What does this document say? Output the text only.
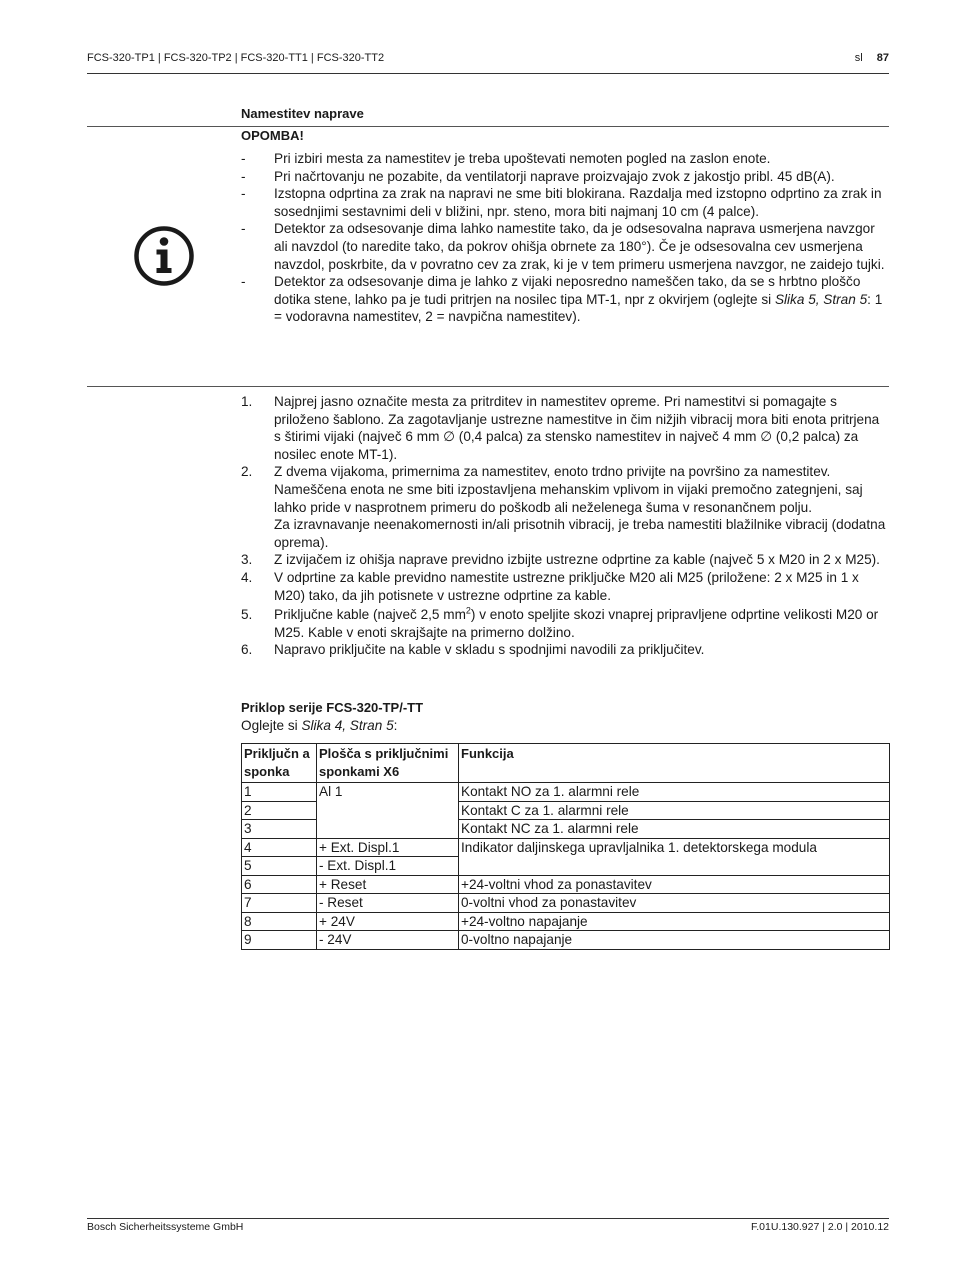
FCS-320-TP1 | FCS-320-TP2 | FCS-320-TT1 | FCS-320-TT2	sl 87
Namestitev naprave
OPOMBA!
- Pri izbiri mesta za namestitev je treba upoštevati nemoten pogled na zaslon enote.
- Pri načrtovanju ne pozabite, da ventilatorji naprave proizvajajo zvok z jakostjo pribl. 45 dB(A).
- Izstopna odprtina za zrak na napravi ne sme biti blokirana. Razdalja med izstopno odprtino za zrak in sosednjimi sestavnimi deli v bližini, npr. steno, mora biti najmanj 10 cm (4 palce).
- Detektor za odsesovanje dima lahko namestite tako, da je odsesovalna naprava usmerjena navzgor ali navzdol (to naredite tako, da pokrov ohišja obrnete za 180°). Če je odsesovalna cev usmerjena navzdol, poskrbite, da v povratno cev za zrak, ki je v tem primeru usmerjena navzgor, ne zaidejo tujki.
- Detektor za odsesovanje dima je lahko z vijaki neposredno nameščen tako, da se s hrbtno ploščo dotika stene, lahko pa je tudi pritrjen na nosilec tipa MT-1, npr z okvirjem (oglejte si Slika 5, Stran 5: 1 = vodoravna namestitev, 2 = navpična namestitev).
1. Najprej jasno označite mesta za pritrditev in namestitev opreme. Pri namestitvi si pomagajte s priloženo šablono. Za zagotavljanje ustrezne namestitve in čim nižjih vibracij mora biti enota pritrjena s štirimi vijaki (največ 6 mm ∅ (0,4 palca) za stensko namestitev in največ 4 mm ∅ (0,2 palca) za nosilec enote MT-1).
2. Z dvema vijakoma, primernima za namestitev, enoto trdno privijte na površino za namestitev. Nameščena enota ne sme biti izpostavljena mehanskim vplivom in vijaki premočno zategnjeni, saj lahko pride v nasprotnem primeru do poškodb ali neželenega šuma v resonančnem polju.
Za izravnavanje neenakomernosti in/ali prisotnih vibracij, je treba namestiti blažilnike vibracij (dodatna oprema).
3. Z izvijačem iz ohišja naprave previdno izbijte ustrezne odprtine za kable (največ 5 x M20 in 2 x M25).
4. V odprtine za kable previdno namestite ustrezne priključke M20 ali M25 (priložene: 2 x M25 in 1 x M20) tako, da jih potisnete v ustrezne odprtine za kable.
5. Priključne kable (največ 2,5 $mm^2$) v enoto speljite skozi vnaprej pripravljene odprtine velikosti M20 or M25. Kable v enoti skrajšajte na primerno dolžino.
6. Napravo priključite na kable v skladu s spodnjimi navodili za priključitev.
Priklop serije FCS-320-TP/-TT
Oglejte si Slika 4, Stran 5:
Priključn a sponka	Plošča s priključnimi sponkami X6	Funkcija
1	Al 1	Kontakt NO za 1. alarmni rele
2		Kontakt C za 1. alarmni rele
3		Kontakt NC za 1. alarmni rele
4	+ Ext. Displ.1	Indikator daljinskega upravljalnika 1. detektorskega modula
5	- Ext. Displ.1	
6	+ Reset	+24-voltni vhod za ponastavitev
7	- Reset	0-voltni vhod za ponastavitev
8	+ 24V	+24-voltno napajanje
9	- 24V	0-voltno napajanje
Bosch Sicherheitssysteme GmbH	F.01U.130.927 | 2.0 | 2010.12
